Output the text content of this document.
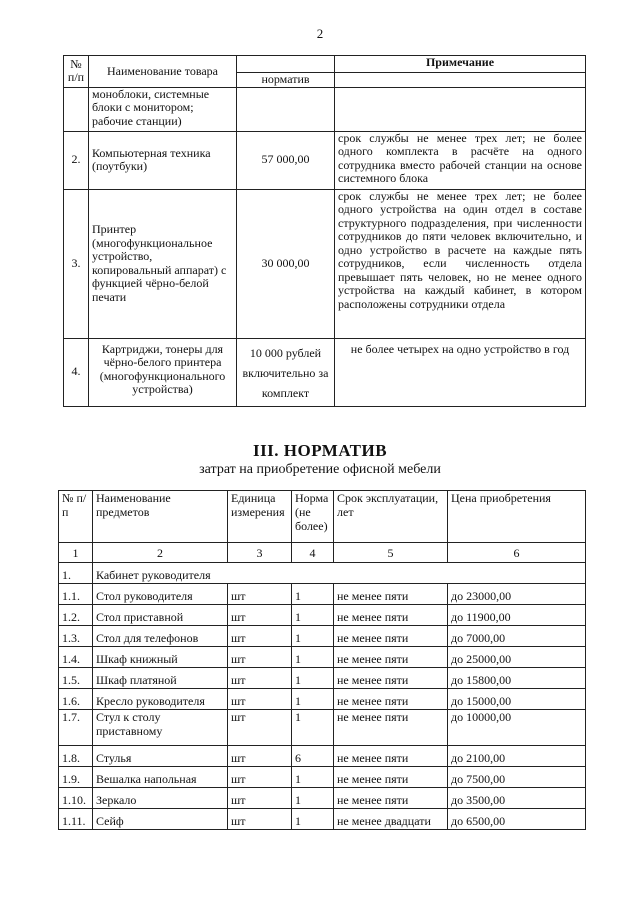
2
№ п/п	Наименование товара		Примечание
		норматив	
	моноблоки, системные блоки с монитором; рабочие станции)		
2.	Компьютерная техника (поутбуки)	57 000,00	срок службы не менее трех лет; не более одного комплекта в расчёте на одного сотрудника вместо рабочей станции на основе системного блока
3.	Принтер (многофункциональное устройство, копировальный аппарат) с функцией чёрно-белой печати	30 000,00	срок службы не менее трех лет; не более одного устройства на один отдел в составе структурного подразделения, при численности сотрудников до пяти человек включительно, и одно устройство в расчете на каждые пять сотрудников, если численность отдела превышает пять человек, но не менее одного устройства на каждый кабинет, в котором расположены сотрудники отдела
4.	Картриджи, тонеры для чёрно-белого принтера (многофункционального устройства)	10 000 рублей включительно за комплект	не более четырех на одно устройство в год
III. НОРМАТИВ
затрат на приобретение офисной мебели
№ п/п	Наименование предметов	Единица измерения	Норма (не более)	Срок эксплуатации, лет	Цена приобретения
1	2	3	4	5	6
1.	Кабинет руководителя				
1.1.	Стол руководителя	шт	1	не менее пяти	до 23000,00
1.2.	Стол приставной	шт	1	не менее пяти	до 11900,00
1.3.	Стол для телефонов	шт	1	не менее пяти	до 7000,00
1.4.	Шкаф книжный	шт	1	не менее пяти	до 25000,00
1.5.	Шкаф платяной	шт	1	не менее пяти	до 15800,00
1.6.	Кресло руководителя	шт	1	не менее пяти	до 15000,00
1.7.	Стул к столу приставному	шт	1	не менее пяти	до 10000,00
1.8.	Стулья	шт	6	не менее пяти	до 2100,00
1.9.	Вешалка напольная	шт	1	не менее пяти	до 7500,00
1.10.	Зеркало	шт	1	не менее пяти	до 3500,00
1.11.	Сейф	шт	1	не менее двадцати	до 6500,00
